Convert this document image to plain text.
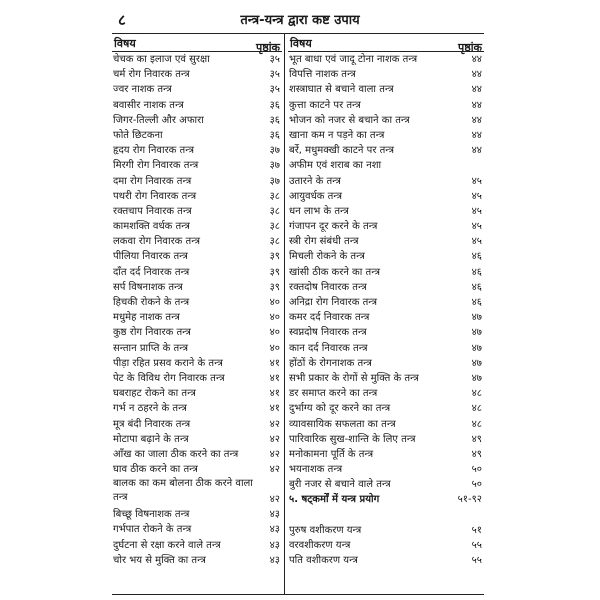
८	तन्त्र-यन्त्र द्वारा कष्ट उपाय
विषय	पृष्ठांक
चेचक का इलाज एवं सुरक्षा	३५
चर्म रोग निवारक तन्त्र	३५
ज्वर नाशक तन्त्र	३५
बवासीर नाशक तन्त्र	३६
जिगर-तिल्ली और अफारा	३६
फोते छिटकना	३६
हृदय रोग निवारक तन्त्र	३७
मिरगी रोग निवारक तन्त्र	३७
दमा रोग निवारक तन्त्र	३७
पथरी रोग निवारक तन्त्र	३८
रक्तचाप निवारक तन्त्र	३८
कामशक्ति वर्धक तन्त्र	३८
लकवा रोग निवारक तन्त्र	३८
पीलिया निवारक तन्त्र	३९
दाँत दर्द निवारक तन्त्र	३९
सर्प विषनाशक तन्त्र	३९
हिचकी रोकने के तन्त्र	४०
मधुमेह नाशक तन्त्र	४०
कुष्ठ रोग निवारक तन्त्र	४०
सन्तान प्राप्ति के तन्त्र	४०
पीड़ा रहित प्रसव कराने के तन्त्र	४१
पेट के विविध रोग निवारक तन्त्र	४१
घबराहट रोकने का तन्त्र	४१
गर्भ न ठहरने के तन्त्र	४१
मूत्र बंदी निवारक तन्त्र	४२
मोटापा बढ़ाने के तन्त्र	४२
आँख का जाला ठीक करने का तन्त्र	४२
घाव ठीक करने का तन्त्र	४२
बालक का कम बोलना ठीक करने वाला तन्त्र	४२
बिच्छू विषनाशक तन्त्र	४३
गर्भपात रोकने के तन्त्र	४३
दुर्घटना से रक्षा करने वाले तन्त्र	४३
चोर भय से मुक्ति का तन्त्र	४३
विषय	पृष्ठांक
भूत बाधा एवं जादू टोना नाशक तन्त्र	४४
विपत्ति नाशक तन्त्र	४४
शस्त्राघात से बचाने वाला तन्त्र	४४
कुत्ता काटने पर तन्त्र	४४
भोजन को नजर से बचाने का तन्त्र	४४
खाना कम न पड़ने का तन्त्र	४४
बर्रे, मधुमक्खी काटने पर तन्त्र	४४
अफीम एवं शराब का नशा
उतारने के तन्त्र	४५
आयुवर्धक तन्त्र	४५
धन लाभ के तन्त्र	४५
गंजापन दूर करने के तन्त्र	४५
स्त्री रोग संबंधी तन्त्र	४५
मिचली रोकने के तन्त्र	४६
खांसी ठीक करने का तन्त्र	४६
रक्तदोष निवारक तन्त्र	४६
अनिद्रा रोग निवारक तन्त्र	४६
कमर दर्द निवारक तन्त्र	४७
स्वप्नदोष निवारक तन्त्र	४७
कान दर्द निवारक तन्त्र	४७
होंठों के रोगनाशक तन्त्र	४७
सभी प्रकार के रोगों से मुक्ति के तन्त्र	४७
डर समाप्त करने का तन्त्र	४८
दुर्भाग्य को दूर करने का तन्त्र	४८
व्यावसायिक सफलता का तन्त्र	४८
पारिवारिक सुख-शान्ति के लिए तन्त्र	४९
मनोकामना पूर्ति के तन्त्र	४९
भयनाशक तन्त्र	५०
बुरी नजर से बचाने वाले तन्त्र	५०
५. षट्कर्मों में यन्त्र प्रयोग	५१-९२
पुरुष वशीकरण यन्त्र	५१
वरवशीकरण यन्त्र	५५
पति वशीकरण यन्त्र	५५
